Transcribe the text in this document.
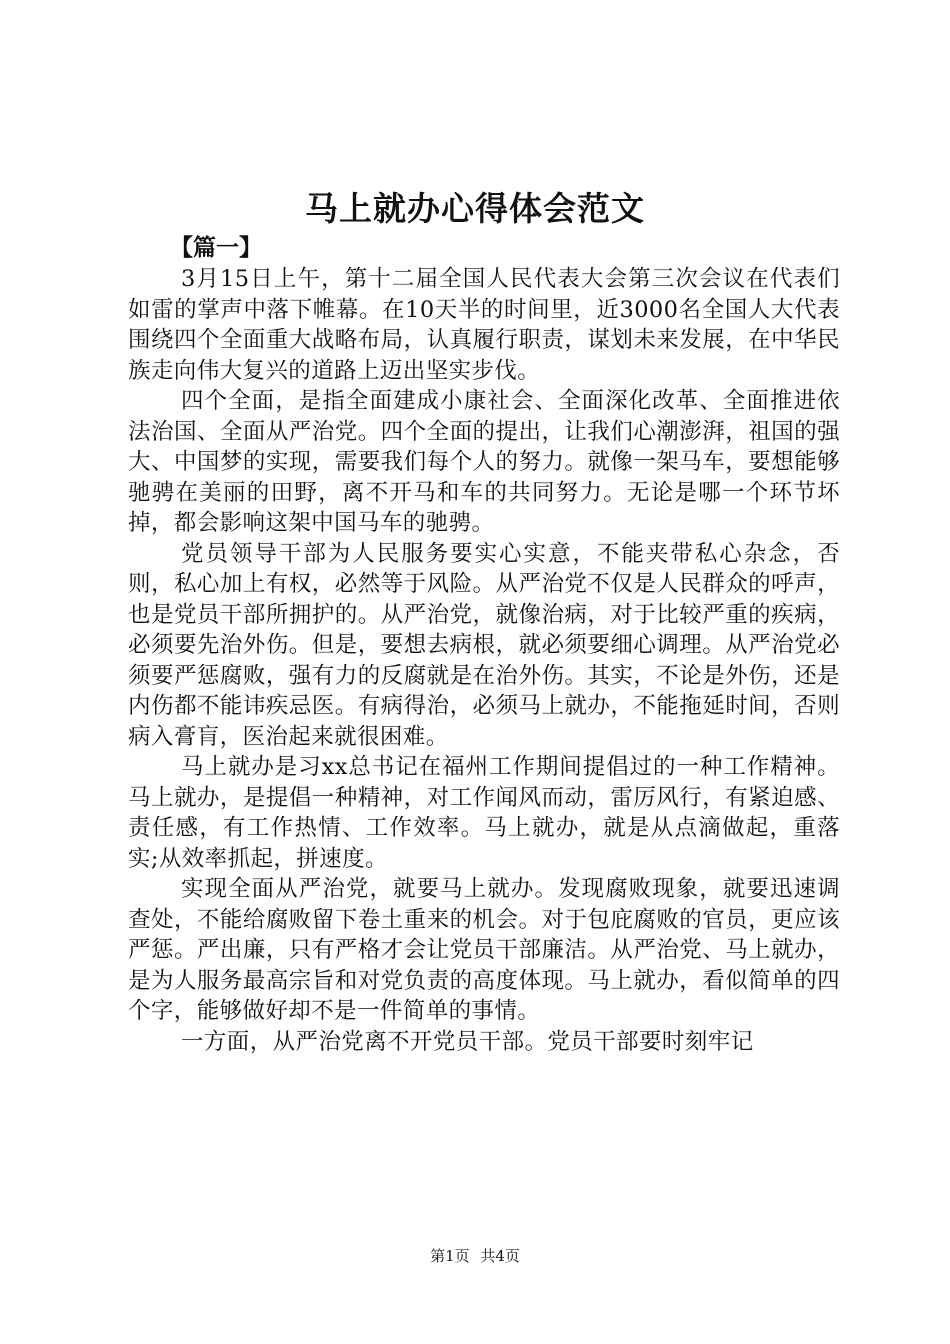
马上就办心得体会范文

【篇一】

3月15日上午，第十二届全国人民代表大会第三次会议在代表们如雷的掌声中落下帷幕。在10天半的时间里，近3000名全国人大代表围绕四个全面重大战略布局，认真履行职责，谋划未来发展，在中华民族走向伟大复兴的道路上迈出坚实步伐。

四个全面，是指全面建成小康社会、全面深化改革、全面推进依法治国、全面从严治党。四个全面的提出，让我们心潮澎湃，祖国的强大、中国梦的实现，需要我们每个人的努力。就像一架马车，要想能够驰骋在美丽的田野，离不开马和车的共同努力。无论是哪一个环节坏掉，都会影响这架中国马车的驰骋。

党员领导干部为人民服务要实心实意，不能夹带私心杂念，否则，私心加上有权，必然等于风险。从严治党不仅是人民群众的呼声，也是党员干部所拥护的。从严治党，就像治病，对于比较严重的疾病，必须要先治外伤。但是，要想去病根，就必须要细心调理。从严治党必须要严惩腐败，强有力的反腐就是在治外伤。其实，不论是外伤，还是内伤都不能讳疾忌医。有病得治，必须马上就办，不能拖延时间，否则病入膏肓，医治起来就很困难。

马上就办是习xx总书记在福州工作期间提倡过的一种工作精神。马上就办，是提倡一种精神，对工作闻风而动，雷厉风行，有紧迫感、责任感，有工作热情、工作效率。马上就办，就是从点滴做起，重落实;从效率抓起，拼速度。

实现全面从严治党，就要马上就办。发现腐败现象，就要迅速调查处，不能给腐败留下卷土重来的机会。对于包庇腐败的官员，更应该严惩。严出廉，只有严格才会让党员干部廉洁。从严治党、马上就办，是为人服务最高宗旨和对党负责的高度体现。马上就办，看似简单的四个字，能够做好却不是一件简单的事情。

一方面，从严治党离不开党员干部。党员干部要时刻牢记

第1页 共4页
